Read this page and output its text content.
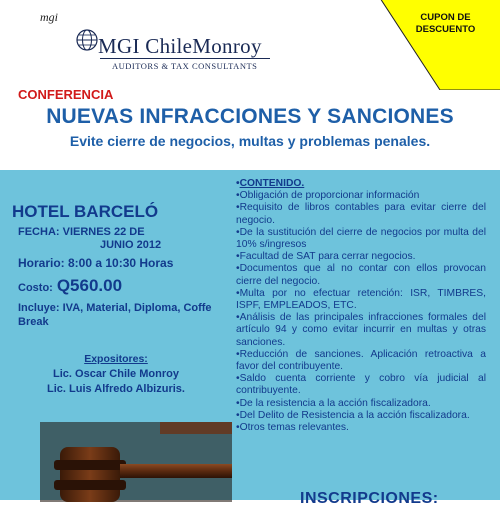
mgi
MGI ChileMonroy
AUDITORS & TAX CONSULTANTS
CUPON DE
DESCUENTO
CONFERENCIA
NUEVAS INFRACCIONES Y SANCIONES
Evite cierre de negocios, multas y problemas penales.
HOTEL BARCELÓ
FECHA: VIERNES 22 DE
JUNIO 2012
Horario: 8:00 a 10:30 Horas
Costo: Q560.00
Incluye: IVA, Material, Diploma, Coffe Break
Expositores:
Lic. Oscar Chile Monroy
Lic. Luis Alfredo Albizuris.
•CONTENIDO.

•Obligación de proporcionar información

•Requisito de libros contables para evitar cierre del negocio.

•De la sustitución del cierre de negocios por multa del 10% s/ingresos

•Facultad de SAT para cerrar negocios.

•Documentos que al no contar con ellos provocan cierre del negocio.

•Multa por no efectuar retención: ISR, TIMBRES, ISPF, EMPLEADOS, ETC.

•Análisis de las principales infracciones formales del artículo 94 y como evitar incurrir en multas y otras sanciones.

•Reducción de sanciones. Aplicación retroactiva a favor del contribuyente.

•Saldo cuenta corriente y cobro vía judicial al contribuyente.

•De la resistencia a la acción fiscalizadora.

•Del Delito de Resistencia a la acción fiscalizadora.

•Otros temas relevantes.

INSCRIPCIONES:
